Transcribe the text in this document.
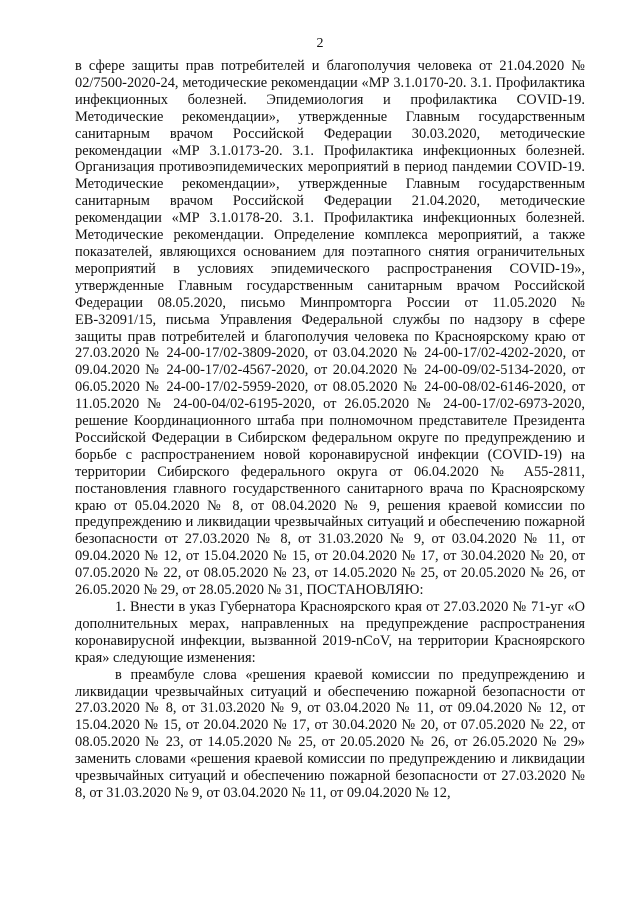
2

в сфере защиты прав потребителей и благополучия человека от 21.04.2020 № 02/7500-2020-24, методические рекомендации «МР 3.1.0170-20. 3.1. Профилактика инфекционных болезней. Эпидемиология и профилактика COVID-19. Методические рекомендации», утвержденные Главным государственным санитарным врачом Российской Федерации 30.03.2020, методические рекомендации «МР 3.1.0173-20. 3.1. Профилактика инфекционных болезней. Организация противоэпидемических мероприятий в период пандемии COVID-19. Методические рекомендации», утвержденные Главным государственным санитарным врачом Российской Федерации 21.04.2020, методические рекомендации «МР 3.1.0178-20. 3.1. Профилактика инфекционных болезней. Методические рекомендации. Определение комплекса мероприятий, а также показателей, являющихся основанием для поэтапного снятия ограничительных мероприятий в условиях эпидемического распространения COVID-19», утвержденные Главным государственным санитарным врачом Российской Федерации 08.05.2020, письмо Минпромторга России от 11.05.2020 № ЕВ-32091/15, письма Управления Федеральной службы по надзору в сфере защиты прав потребителей и благополучия человека по Красноярскому краю от 27.03.2020 № 24-00-17/02-3809-2020, от 03.04.2020 № 24-00-17/02-4202-2020, от 09.04.2020 № 24-00-17/02-4567-2020, от 20.04.2020 № 24-00-09/02-5134-2020, от 06.05.2020 № 24-00-17/02-5959-2020, от 08.05.2020 № 24-00-08/02-6146-2020, от 11.05.2020 № 24-00-04/02-6195-2020, от 26.05.2020 № 24-00-17/02-6973-2020, решение Координационного штаба при полномочном представителе Президента Российской Федерации в Сибирском федеральном округе по предупреждению и борьбе с распространением новой коронавирусной инфекции (COVID-19) на территории Сибирского федерального округа от 06.04.2020 № А55-2811, постановления главного государственного санитарного врача по Красноярскому краю от 05.04.2020 № 8, от 08.04.2020 № 9, решения краевой комиссии по предупреждению и ликвидации чрезвычайных ситуаций и обеспечению пожарной безопасности от 27.03.2020 № 8, от 31.03.2020 № 9, от 03.04.2020 № 11, от 09.04.2020 № 12, от 15.04.2020 № 15, от 20.04.2020 № 17, от 30.04.2020 № 20, от 07.05.2020 № 22, от 08.05.2020 № 23, от 14.05.2020 № 25, от 20.05.2020 № 26, от 26.05.2020 № 29, от 28.05.2020 № 31, ПОСТАНОВЛЯЮ:

1. Внести в указ Губернатора Красноярского края от 27.03.2020 № 71-уг «О дополнительных мерах, направленных на предупреждение распространения коронавирусной инфекции, вызванной 2019-nCoV, на территории Красноярского края» следующие изменения:

в преамбуле слова «решения краевой комиссии по предупреждению и ликвидации чрезвычайных ситуаций и обеспечению пожарной безопасности от 27.03.2020 № 8, от 31.03.2020 № 9, от 03.04.2020 № 11, от 09.04.2020 № 12, от 15.04.2020 № 15, от 20.04.2020 № 17, от 30.04.2020 № 20, от 07.05.2020 № 22, от 08.05.2020 № 23, от 14.05.2020 № 25, от 20.05.2020 № 26, от 26.05.2020 № 29» заменить словами «решения краевой комиссии по предупреждению и ликвидации чрезвычайных ситуаций и обеспечению пожарной безопасности от 27.03.2020 № 8, от 31.03.2020 № 9, от 03.04.2020 № 11, от 09.04.2020 № 12,
